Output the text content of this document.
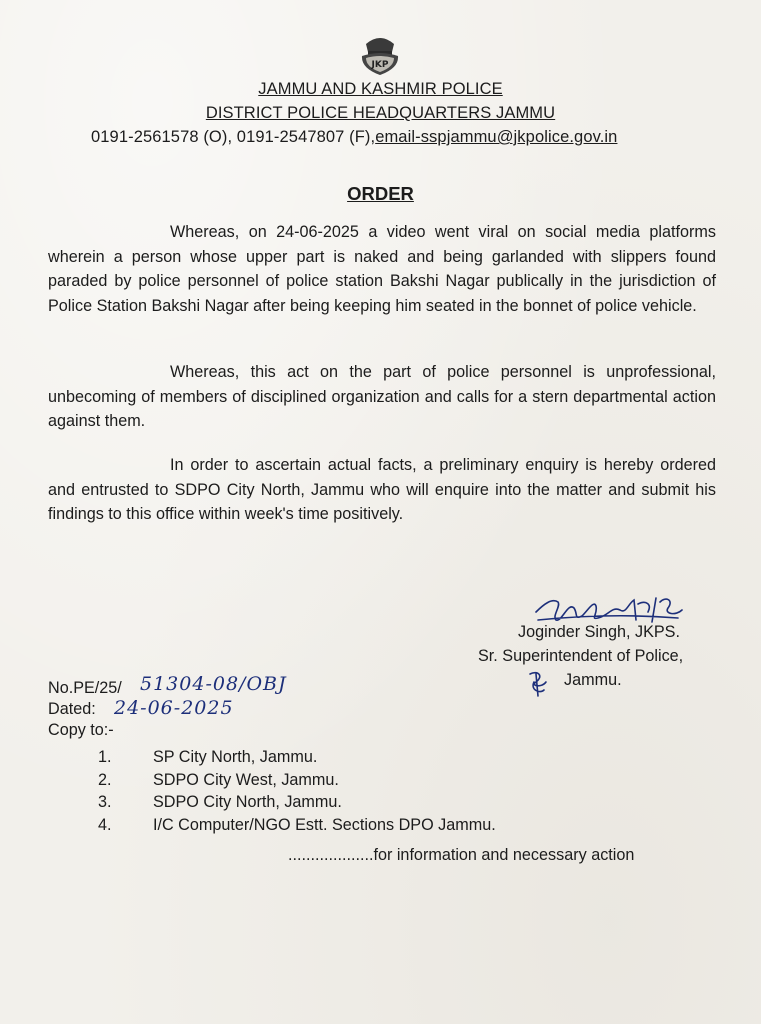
JKP
JAMMU AND KASHMIR POLICE
DISTRICT POLICE HEADQUARTERS JAMMU
0191-2561578 (O), 0191-2547807 (F),email-sspjammu@jkpolice.gov.in
ORDER
Whereas, on 24-06-2025 a video went viral on social media platforms wherein a person whose upper part is naked and being garlanded with slippers found paraded by police personnel of police station Bakshi Nagar publically in the jurisdiction of Police Station Bakshi Nagar after being keeping him seated in the bonnet of police vehicle.
Whereas, this act on the part of police personnel is unprofessional, unbecoming of members of disciplined organization and calls for a stern departmental action against them.
In order to ascertain actual facts, a preliminary enquiry is hereby ordered and entrusted to SDPO City North, Jammu who will enquire into the matter and submit his findings to this office within week's time positively.
Joginder Singh, JKPS.
Sr. Superintendent of Police,
Jammu.
No.PE/25/ 51304-08/OBJ
Dated: 24-06-2025
Copy to:-
1.	SP City North, Jammu.
2.	SDPO City West, Jammu.
3.	SDPO City North, Jammu.
4.	I/C Computer/NGO Estt. Sections DPO Jammu.
...................for information and necessary action
